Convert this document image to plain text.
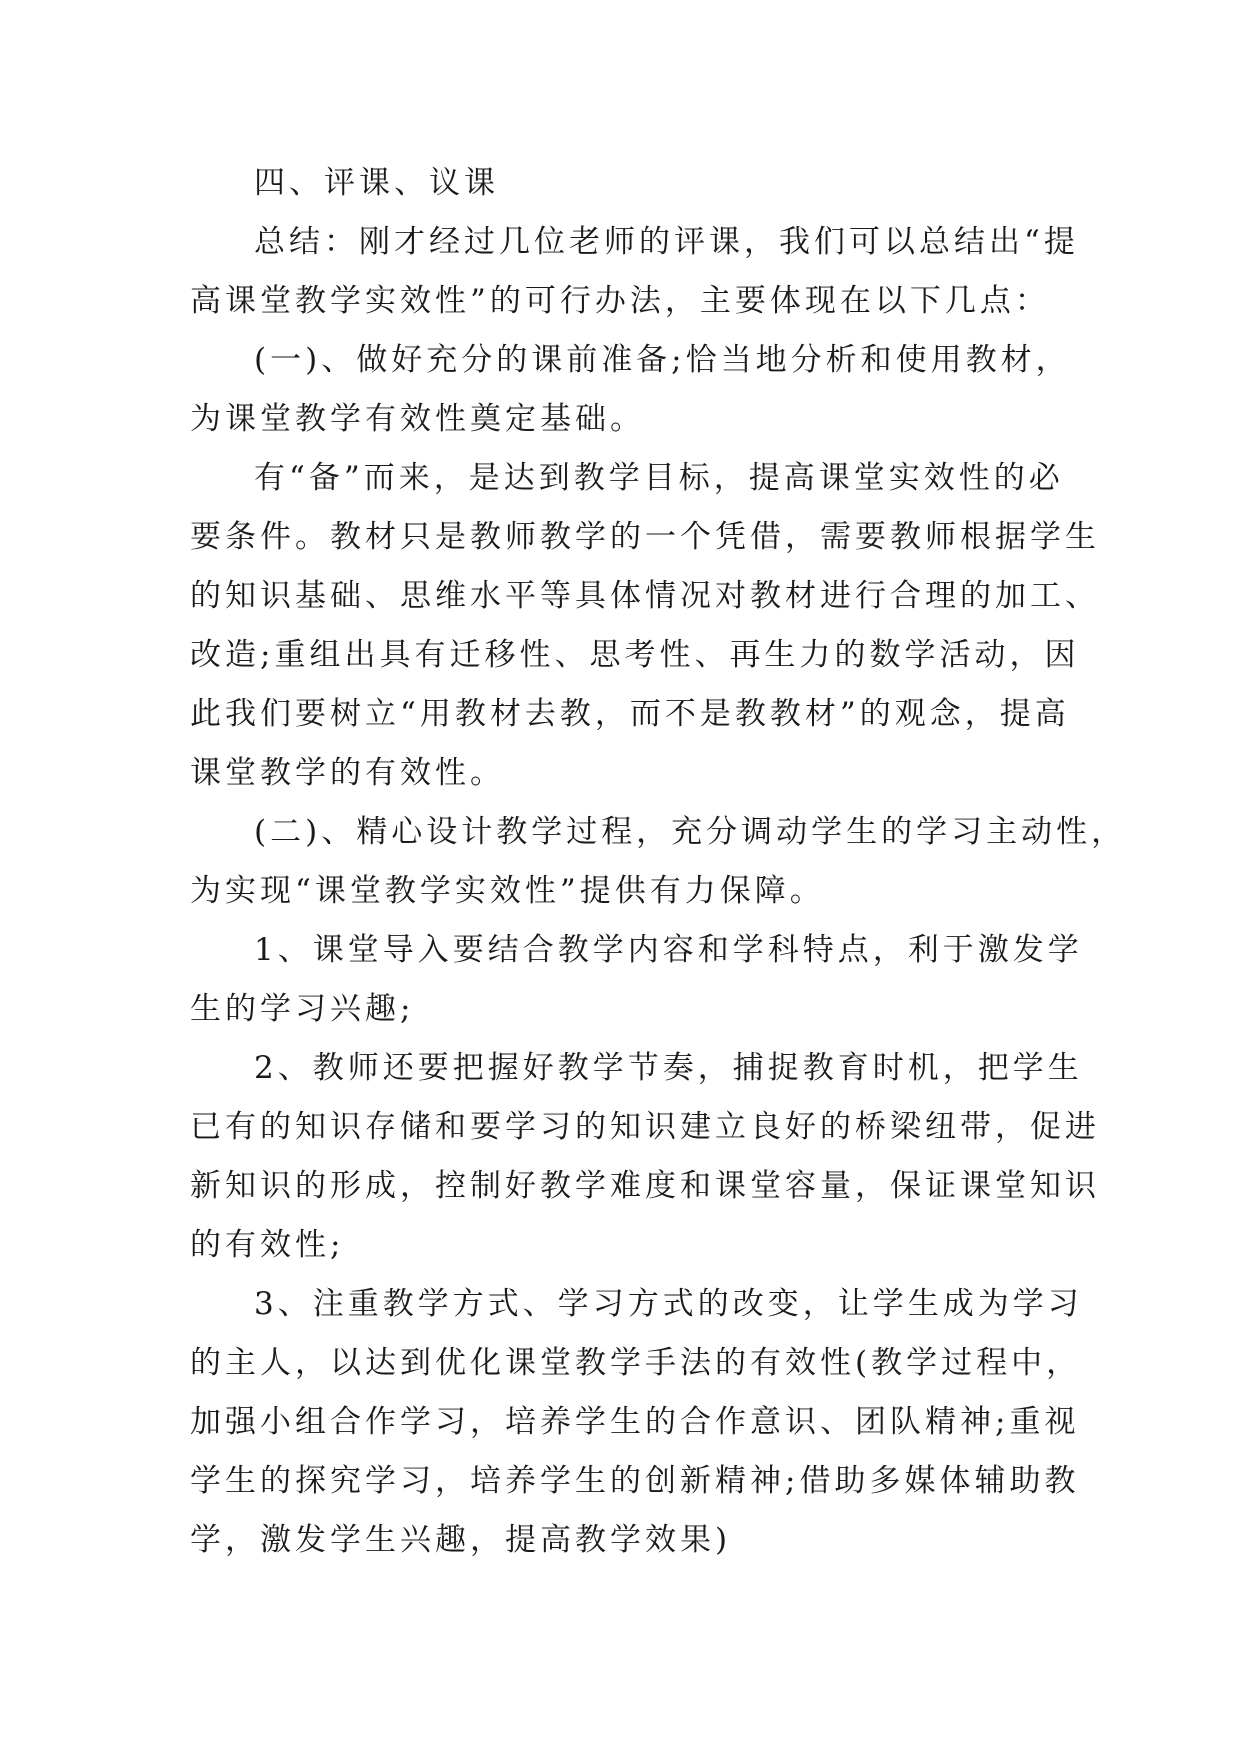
四、评课、议课
总结：刚才经过几位老师的评课，我们可以总结出“提
高课堂教学实效性”的可行办法，主要体现在以下几点：
(一)、做好充分的课前准备;恰当地分析和使用教材，
为课堂教学有效性奠定基础。
有“备”而来，是达到教学目标，提高课堂实效性的必
要条件。教材只是教师教学的一个凭借，需要教师根据学生
的知识基础、思维水平等具体情况对教材进行合理的加工、
改造;重组出具有迁移性、思考性、再生力的数学活动，因
此我们要树立“用教材去教，而不是教教材”的观念，提高
课堂教学的有效性。
(二)、精心设计教学过程，充分调动学生的学习主动性，
为实现“课堂教学实效性”提供有力保障。
1、课堂导入要结合教学内容和学科特点，利于激发学
生的学习兴趣;
2、教师还要把握好教学节奏，捕捉教育时机，把学生
已有的知识存储和要学习的知识建立良好的桥梁纽带，促进
新知识的形成，控制好教学难度和课堂容量，保证课堂知识
的有效性;
3、注重教学方式、学习方式的改变，让学生成为学习
的主人，以达到优化课堂教学手法的有效性(教学过程中，
加强小组合作学习，培养学生的合作意识、团队精神;重视
学生的探究学习，培养学生的创新精神;借助多媒体辅助教
学，激发学生兴趣，提高教学效果)
